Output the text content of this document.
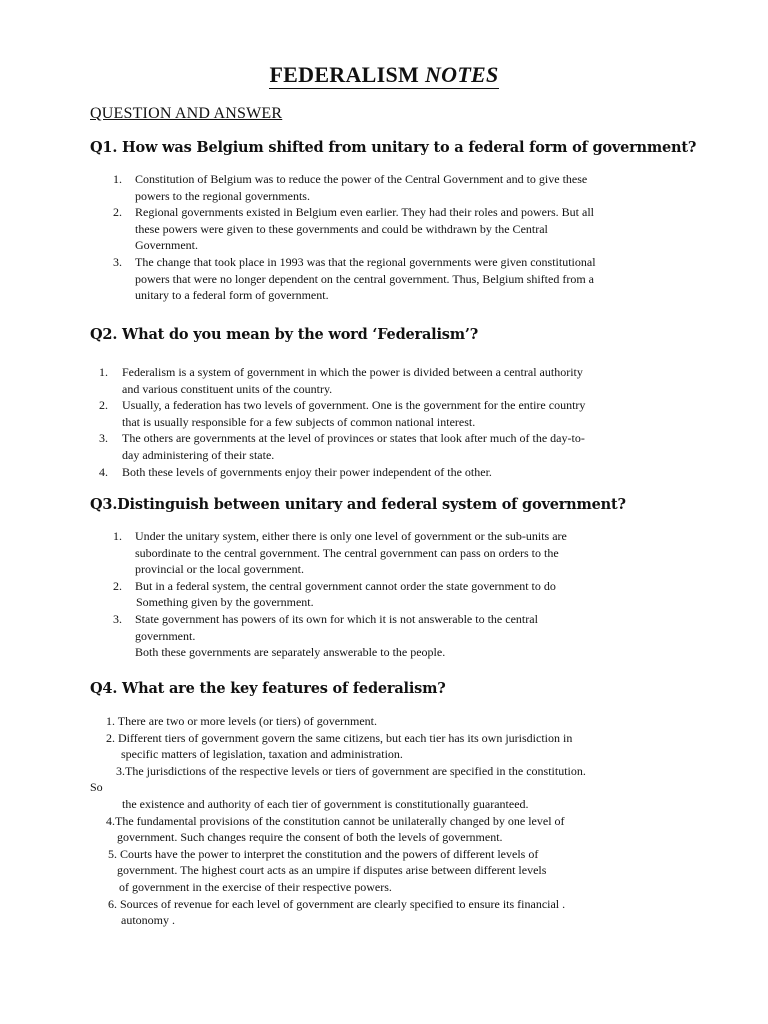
FEDERALISM NOTES
QUESTION AND ANSWER
Q1. How was Belgium shifted from unitary to a federal form of government?
1. Constitution of Belgium was to reduce the power of the Central Government and to give these
powers to the regional governments.
2. Regional governments existed in Belgium even earlier. They had their roles and powers. But all
these powers were given to these governments and could be withdrawn by the Central
Government.
3. The change that took place in 1993 was that the regional governments were given constitutional
powers that were no longer dependent on the central government. Thus, Belgium shifted from a
unitary to a federal form of government.
Q2. What do you mean by the word ‘Federalism’?
1. Federalism is a system of government in which the power is divided between a central authority
and various constituent units of the country.
2. Usually, a federation has two levels of government. One is the government for the entire country
that is usually responsible for a few subjects of common national interest.
3. The others are governments at the level of provinces or states that look after much of the day-to-
day administering of their state.
4. Both these levels of governments enjoy their power independent of the other.
Q3.Distinguish between unitary and federal system of government?
1. Under the unitary system, either there is only one level of government or the sub-units are
subordinate to the central government. The central government can pass on orders to the
provincial or the local government.
2. But in a federal system, the central government cannot order the state government to do
Something given by the government.
3. State government has powers of its own for which it is not answerable to the central
government.
Both these governments are separately answerable to the people.
Q4. What are the key features of federalism?
1. There are two or more levels (or tiers) of government.
2. Different tiers of government govern the same citizens, but each tier has its own jurisdiction in
specific matters of legislation, taxation and administration.
3.The jurisdictions of the respective levels or tiers of government are specified in the constitution.
So
the existence and authority of each tier of government is constitutionally guaranteed.
4.The fundamental provisions of the constitution cannot be unilaterally changed by one level of
government. Such changes require the consent of both the levels of government.
5. Courts have the power to interpret the constitution and the powers of different levels of
government. The highest court acts as an umpire if disputes arise between different levels
of government in the exercise of their respective powers.
6. Sources of revenue for each level of government are clearly specified to ensure its financial .
autonomy .
